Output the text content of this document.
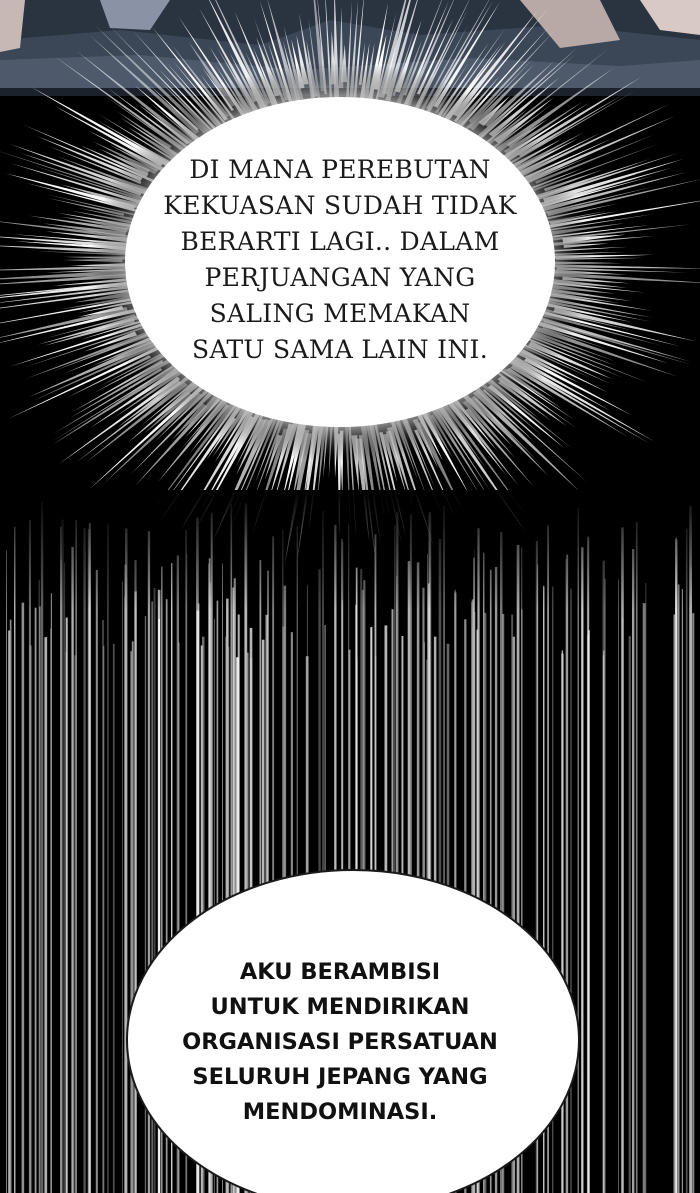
DI MANA PEREBUTAN
KEKUASAN SUDAH TIDAK
BERARTI LAGI.. DALAM
PERJUANGAN YANG
SALING MEMAKAN
SATU SAMA LAIN INI.
AKU BERAMBISI
UNTUK MENDIRIKAN
ORGANISASI PERSATUAN
SELURUH JEPANG YANG
MENDOMINASI.
